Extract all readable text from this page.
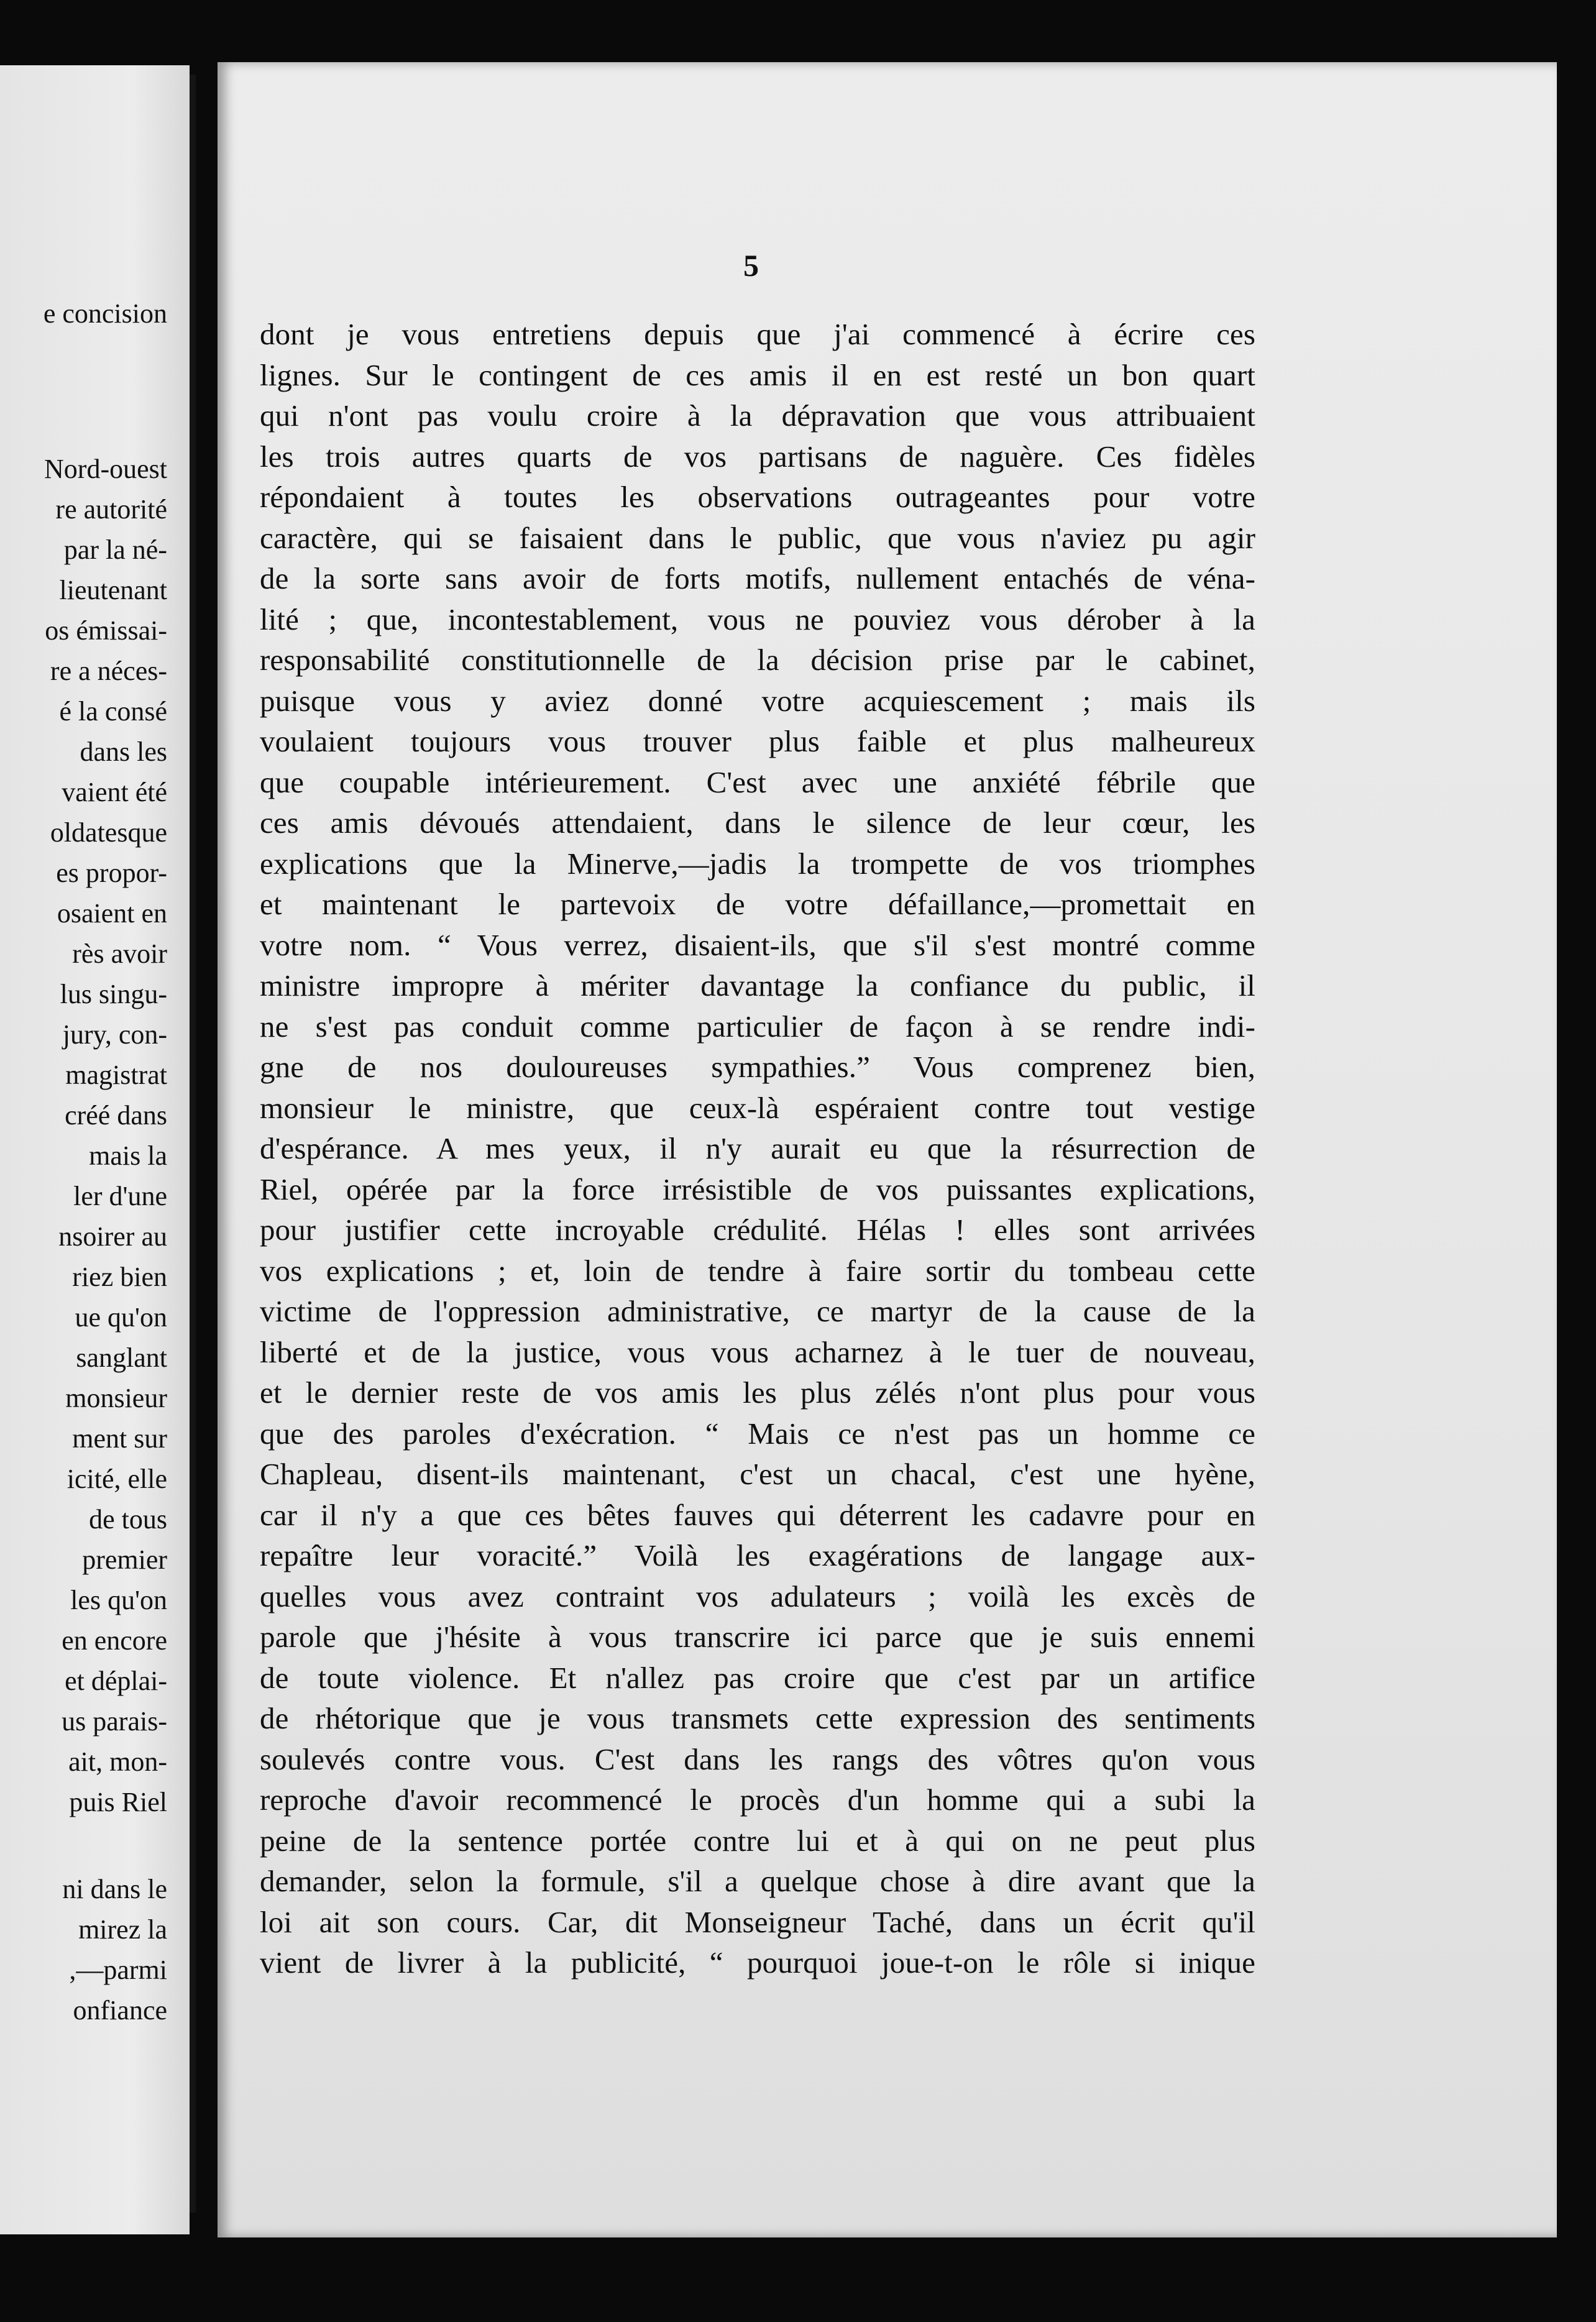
e concision
Nord-ouest
re autorité
par la né-
lieutenant
os émissai-
re a néces-
é la consé
dans les
vaient été
oldatesque
es propor-
osaient en
rès avoir
lus singu-
jury, con-
magistrat
créé dans
mais la
ler d'une
nsoirer au
riez bien
ue qu'on
sanglant
monsieur
ment sur
icité, elle
de tous
premier
les qu'on
en encore
et déplai-
us parais-
ait, mon-
puis Riel
ni dans le
mirez la
,—parmi
onfiance
5
dont je vous entretiens depuis que j'ai commencé à écrire ces
lignes. Sur le contingent de ces amis il en est resté un bon quart
qui n'ont pas voulu croire à la dépravation que vous attribuaient
les trois autres quarts de vos partisans de naguère. Ces fidèles
répondaient à toutes les observations outrageantes pour votre
caractère, qui se faisaient dans le public, que vous n'aviez pu agir
de la sorte sans avoir de forts motifs, nullement entachés de véna-
lité ; que, incontestablement, vous ne pouviez vous dérober à la
responsabilité constitutionnelle de la décision prise par le cabinet,
puisque vous y aviez donné votre acquiescement ; mais ils
voulaient toujours vous trouver plus faible et plus malheureux
que coupable intérieurement. C'est avec une anxiété fébrile que
ces amis dévoués attendaient, dans le silence de leur cœur, les
explications que la Minerve,—jadis la trompette de vos triomphes
et maintenant le partevoix de votre défaillance,—promettait en
votre nom. “ Vous verrez, disaient-ils, que s'il s'est montré comme
ministre impropre à mériter davantage la confiance du public, il
ne s'est pas conduit comme particulier de façon à se rendre indi-
gne de nos douloureuses sympathies.” Vous comprenez bien,
monsieur le ministre, que ceux-là espéraient contre tout vestige
d'espérance. A mes yeux, il n'y aurait eu que la résurrection de
Riel, opérée par la force irrésistible de vos puissantes explications,
pour justifier cette incroyable crédulité. Hélas ! elles sont arrivées
vos explications ; et, loin de tendre à faire sortir du tombeau cette
victime de l'oppression administrative, ce martyr de la cause de la
liberté et de la justice, vous vous acharnez à le tuer de nouveau,
et le dernier reste de vos amis les plus zélés n'ont plus pour vous
que des paroles d'exécration. “ Mais ce n'est pas un homme ce
Chapleau, disent-ils maintenant, c'est un chacal, c'est une hyène,
car il n'y a que ces bêtes fauves qui déterrent les cadavre pour en
repaître leur voracité.” Voilà les exagérations de langage aux-
quelles vous avez contraint vos adulateurs ; voilà les excès de
parole que j'hésite à vous transcrire ici parce que je suis ennemi
de toute violence. Et n'allez pas croire que c'est par un artifice
de rhétorique que je vous transmets cette expression des sentiments
soulevés contre vous. C'est dans les rangs des vôtres qu'on vous
reproche d'avoir recommencé le procès d'un homme qui a subi la
peine de la sentence portée contre lui et à qui on ne peut plus
demander, selon la formule, s'il a quelque chose à dire avant que la
loi ait son cours. Car, dit Monseigneur Taché, dans un écrit qu'il
vient de livrer à la publicité, “ pourquoi joue-t-on le rôle si inique
